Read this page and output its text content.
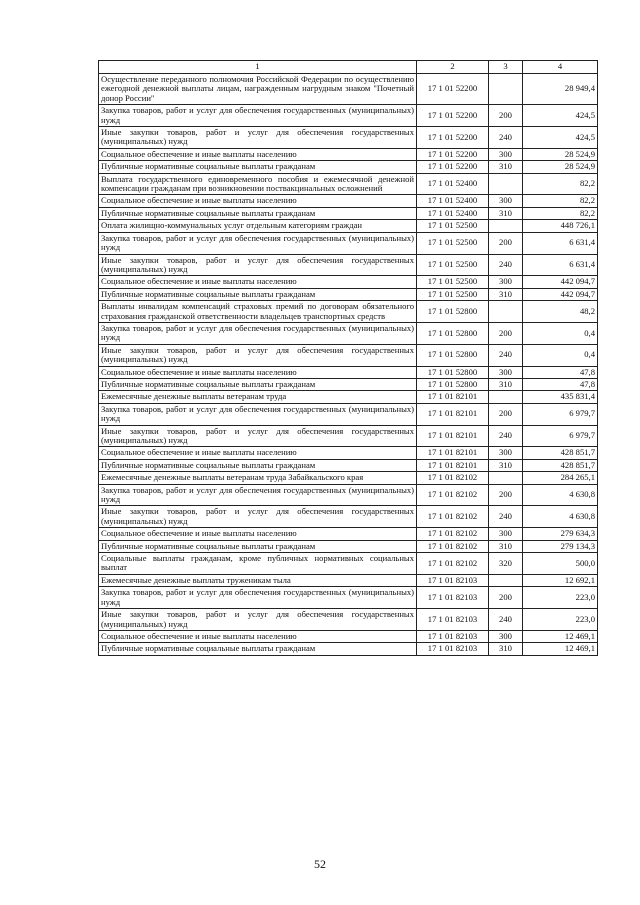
1	2	3	4
Осуществление переданного полномочия Российской Федерации по осуществлению ежегодной денежной выплаты лицам, награжденным нагрудным знаком "Почетный донор России"	17 1 01 52200		28 949,4
Закупка товаров, работ и услуг для обеспечения государственных (муниципальных) нужд	17 1 01 52200	200	424,5
Иные закупки товаров, работ и услуг для обеспечения государственных (муниципальных) нужд	17 1 01 52200	240	424,5
Социальное обеспечение и иные выплаты населению	17 1 01 52200	300	28 524,9
Публичные нормативные социальные выплаты гражданам	17 1 01 52200	310	28 524,9
Выплата государственного единовременного пособия и ежемесячной денежной компенсации гражданам при возникновении поствакцинальных осложнений	17 1 01 52400		82,2
Социальное обеспечение и иные выплаты населению	17 1 01 52400	300	82,2
Публичные нормативные социальные выплаты гражданам	17 1 01 52400	310	82,2
Оплата жилищно-коммунальных услуг отдельным категориям граждан	17 1 01 52500		448 726,1
Закупка товаров, работ и услуг для обеспечения государственных (муниципальных) нужд	17 1 01 52500	200	6 631,4
Иные закупки товаров, работ и услуг для обеспечения государственных (муниципальных) нужд	17 1 01 52500	240	6 631,4
Социальное обеспечение и иные выплаты населению	17 1 01 52500	300	442 094,7
Публичные нормативные социальные выплаты гражданам	17 1 01 52500	310	442 094,7
Выплаты инвалидам компенсаций страховых премий по договорам обязательного страхования гражданской ответственности владельцев транспортных средств	17 1 01 52800		48,2
Закупка товаров, работ и услуг для обеспечения государственных (муниципальных) нужд	17 1 01 52800	200	0,4
Иные закупки товаров, работ и услуг для обеспечения государственных (муниципальных) нужд	17 1 01 52800	240	0,4
Социальное обеспечение и иные выплаты населению	17 1 01 52800	300	47,8
Публичные нормативные социальные выплаты гражданам	17 1 01 52800	310	47,8
Ежемесячные денежные выплаты ветеранам труда	17 1 01 82101		435 831,4
Закупка товаров, работ и услуг для обеспечения государственных (муниципальных) нужд	17 1 01 82101	200	6 979,7
Иные закупки товаров, работ и услуг для обеспечения государственных (муниципальных) нужд	17 1 01 82101	240	6 979,7
Социальное обеспечение и иные выплаты населению	17 1 01 82101	300	428 851,7
Публичные нормативные социальные выплаты гражданам	17 1 01 82101	310	428 851,7
Ежемесячные денежные выплаты ветеранам труда Забайкальского края	17 1 01 82102		284 265,1
Закупка товаров, работ и услуг для обеспечения государственных (муниципальных) нужд	17 1 01 82102	200	4 630,8
Иные закупки товаров, работ и услуг для обеспечения государственных (муниципальных) нужд	17 1 01 82102	240	4 630,8
Социальное обеспечение и иные выплаты населению	17 1 01 82102	300	279 634,3
Публичные нормативные социальные выплаты гражданам	17 1 01 82102	310	279 134,3
Социальные выплаты гражданам, кроме публичных нормативных социальных выплат	17 1 01 82102	320	500,0
Ежемесячные денежные выплаты труженикам тыла	17 1 01 82103		12 692,1
Закупка товаров, работ и услуг для обеспечения государственных (муниципальных) нужд	17 1 01 82103	200	223,0
Иные закупки товаров, работ и услуг для обеспечения государственных (муниципальных) нужд	17 1 01 82103	240	223,0
Социальное обеспечение и иные выплаты населению	17 1 01 82103	300	12 469,1
Публичные нормативные социальные выплаты гражданам	17 1 01 82103	310	12 469,1
52
